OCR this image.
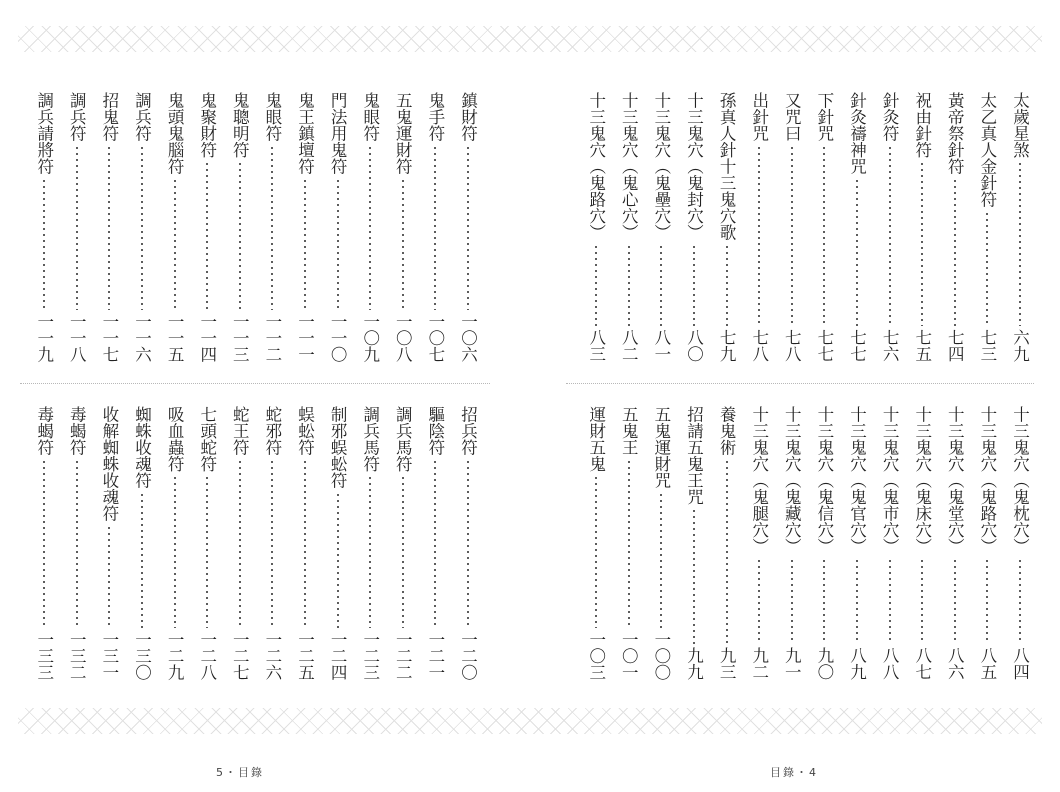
鎮財符
一〇六
鬼手符
一〇七
五鬼運財符
一〇八
鬼眼符
一〇九
門法用鬼符
一一〇
鬼王鎮壇符
一一一
鬼眼符
一一二
鬼聰明符
一一三
鬼聚財符
一一四
鬼頭鬼腦符
一一五
調兵符
一一六
招鬼符
一一七
調兵符
一一八
調兵請將符
一一九
招兵符
一二〇
驅陰符
一二一
調兵馬符
一二二
調兵馬符
一二三
制邪蜈蚣符
一二四
蜈蚣符
一二五
蛇邪符
一二六
蛇王符
一二七
七頭蛇符
一二八
吸血蟲符
一二九
蜘蛛收魂符
一三〇
收解蜘蛛收魂符
一三一
毒蝎符
一三二
毒蝎符
一三三
太歲星煞
六九
太乙真人金針符
七三
黃帝祭針符
七四
祝由針符
七五
針灸符
七六
針灸禱神咒
七七
下針咒
七七
又咒曰
七八
出針咒
七八
孫真人針十三鬼穴歌
七九
十三鬼穴（鬼封穴）
八〇
十三鬼穴（鬼壘穴）
八一
十三鬼穴（鬼心穴）
八二
十三鬼穴（鬼路穴）
八三
十三鬼穴（鬼枕穴）
八四
十三鬼穴（鬼路穴）
八五
十三鬼穴（鬼堂穴）
八六
十三鬼穴（鬼床穴）
八七
十三鬼穴（鬼市穴）
八八
十三鬼穴（鬼官穴）
八九
十三鬼穴（鬼信穴）
九〇
十三鬼穴（鬼藏穴）
九一
十三鬼穴（鬼腿穴）
九二
養鬼術
九三
招請五鬼王咒
九九
五鬼運財咒
一〇〇
五鬼王
一〇一
運財五鬼
一〇三
5・目錄	目錄・4
